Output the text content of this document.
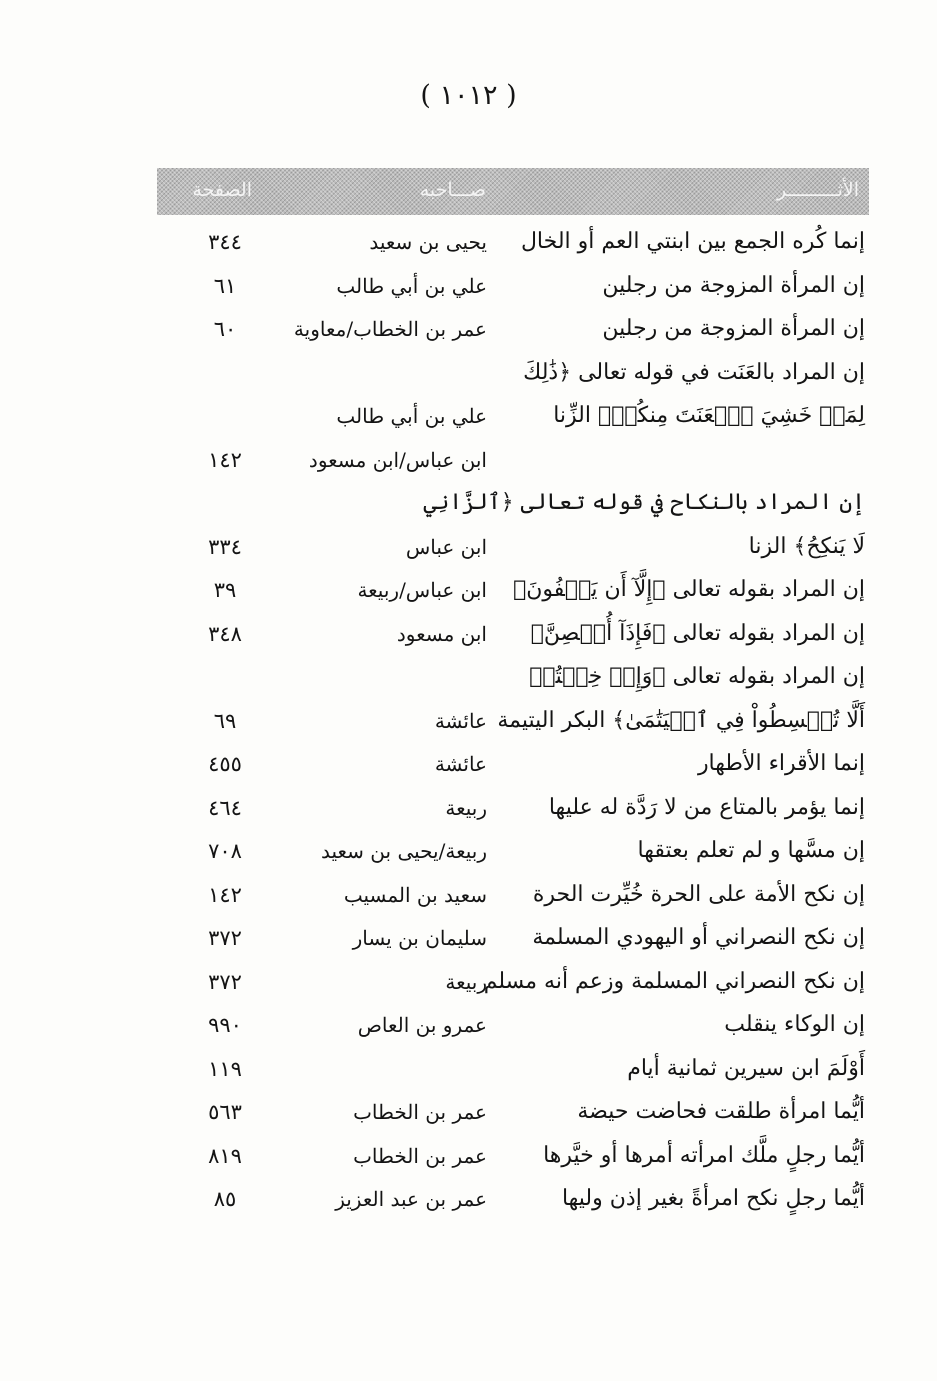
( ١٠١٢ )
الأثـــــــــر
صـــاحبه
الصفحة
إنما كُره الجمع بين ابنتي العم أو الخال
يحيى بن سعيد
٣٤٤
إن المرأة المزوجة من رجلين
علي بن أبي طالب
٦١
إن المرأة المزوجة من رجلين
عمر بن الخطاب/معاوية
٦٠
إن المراد بالعَنَت في قوله تعالى ﴿ذَٰلِكَ
لِمَنۡ خَشِيَ ٱلۡعَنَتَ مِنكُمۡ﴾ الزِّنا
علي بن أبي طالب
ابن عباس/ابن مسعود
١٤٢
إن المراد بالنكاح في قوله تعالى ﴿ٱلزَّانِي
لَا يَنكِحُ﴾ الزنا
ابن عباس
٣٣٤
إن المراد بقوله تعالى ﴿إِلَّآ أَن يَعۡفُونَ﴾
ابن عباس/ربيعة
٣٩
إن المراد بقوله تعالى ﴿فَإِذَآ أُحۡصِنَّ﴾
ابن مسعود
٣٤٨
إن المراد بقوله تعالى ﴿وَإِنۡ خِفۡتُمۡ
أَلَّا تُقۡسِطُواْ فِي ٱلۡيَتَٰمَىٰ﴾ البكر اليتيمة
عائشة
٦٩
إنما الأقراء الأطهار
عائشة
٤٥٥
إنما يؤمر بالمتاع من لا رَدَّة له عليها
ربيعة
٤٦٤
إن مسَّها و لم تعلم بعتقها
ربيعة/يحيى بن سعيد
٧٠٨
إن نكح الأمة على الحرة خُيِّرت الحرة
سعيد بن المسيب
١٤٢
إن نكح النصراني أو اليهودي المسلمة
سليمان بن يسار
٣٧٢
إن نكح النصراني المسلمة وزعم أنه مسلم
ربيعة
٣٧٢
إن الوكاء ينقلب
عمرو بن العاص
٩٩٠
أَوْلَمَ ابن سيرين ثمانية أيام
١١٩
أيُّما امرأة طلقت فحاضت حيضة
عمر بن الخطاب
٥٦٣
أيُّما رجلٍ ملَّك امرأته أمرها أو خيَّرها
عمر بن الخطاب
٨١٩
أيُّما رجلٍ نكح امرأةً بغير إذن وليها
عمر بن عبد العزيز
٨٥
